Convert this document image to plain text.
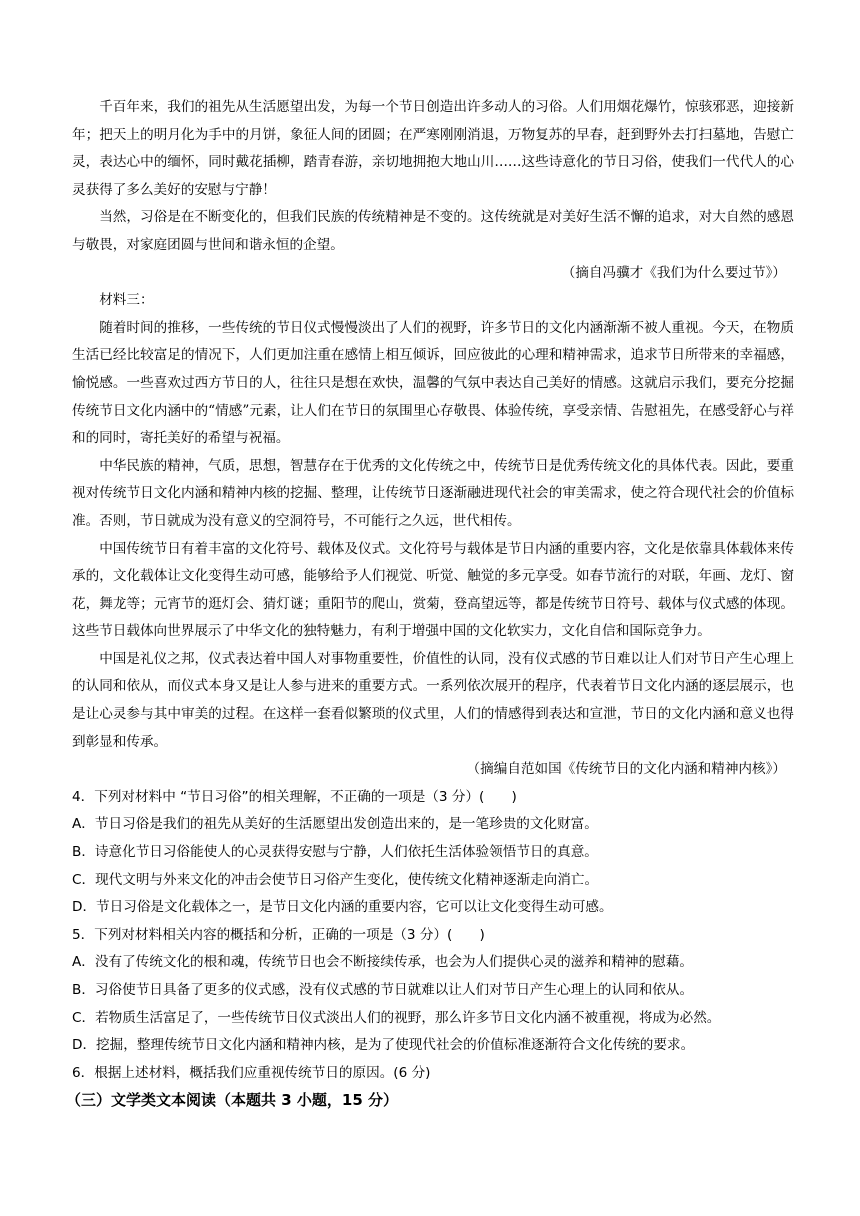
千百年来，我们的祖先从生活愿望出发，为每一个节日创造出许多动人的习俗。人们用烟花爆竹，惊骇邪恶，迎接新年；把天上的明月化为手中的月饼，象征人间的团圆；在严寒刚刚消退，万物复苏的早春，赶到野外去打扫墓地，告慰亡灵，表达心中的缅怀，同时戴花插柳，踏青春游，亲切地拥抱大地山川……这些诗意化的节日习俗，使我们一代代人的心灵获得了多么美好的安慰与宁静！

当然，习俗是在不断变化的，但我们民族的传统精神是不变的。这传统就是对美好生活不懈的追求，对大自然的感恩与敬畏，对家庭团圆与世间和谐永恒的企望。

（摘自冯骥才《我们为什么要过节》）

材料三：

随着时间的推移，一些传统的节日仪式慢慢淡出了人们的视野，许多节日的文化内涵渐渐不被人重视。今天，在物质生活已经比较富足的情况下，人们更加注重在感情上相互倾诉，回应彼此的心理和精神需求，追求节日所带来的幸福感，愉悦感。一些喜欢过西方节日的人，往往只是想在欢快，温馨的气氛中表达自己美好的情感。这就启示我们，要充分挖掘传统节日文化内涵中的“情感”元素，让人们在节日的氛围里心存敬畏、体验传统，享受亲情、告慰祖先，在感受舒心与祥和的同时，寄托美好的希望与祝福。

中华民族的精神，气质，思想，智慧存在于优秀的文化传统之中，传统节日是优秀传统文化的具体代表。因此，要重视对传统节日文化内涵和精神内核的挖掘、整理，让传统节日逐渐融进现代社会的审美需求，使之符合现代社会的价值标准。否则，节日就成为没有意义的空洞符号，不可能行之久远，世代相传。

中国传统节日有着丰富的文化符号、载体及仪式。文化符号与载体是节日内涵的重要内容，文化是依靠具体载体来传承的，文化载体让文化变得生动可感，能够给予人们视觉、听觉、触觉的多元享受。如春节流行的对联，年画、龙灯、窗花，舞龙等；元宵节的逛灯会、猜灯谜；重阳节的爬山，赏菊，登高望远等，都是传统节日符号、载体与仪式感的体现。这些节日载体向世界展示了中华文化的独特魅力，有利于增强中国的文化软实力，文化自信和国际竞争力。

中国是礼仪之邦，仪式表达着中国人对事物重要性，价值性的认同，没有仪式感的节日难以让人们对节日产生心理上的认同和依从，而仪式本身又是让人参与进来的重要方式。一系列依次展开的程序，代表着节日文化内涵的逐层展示，也是让心灵参与其中审美的过程。在这样一套看似繁琐的仪式里，人们的情感得到表达和宣泄，节日的文化内涵和意义也得到彰显和传承。

（摘编自范如国《传统节日的文化内涵和精神内核》）

4．下列对材料中 “节日习俗”的相关理解，不正确的一项是（3 分）(　　)

A．节日习俗是我们的祖先从美好的生活愿望出发创造出来的，是一笔珍贵的文化财富。

B．诗意化节日习俗能使人的心灵获得安慰与宁静，人们依托生活体验领悟节日的真意。

C．现代文明与外来文化的冲击会使节日习俗产生变化，使传统文化精神逐渐走向消亡。

D．节日习俗是文化载体之一，是节日文化内涵的重要内容，它可以让文化变得生动可感。

5．下列对材料相关内容的概括和分析，正确的一项是（3 分）(　　)

A．没有了传统文化的根和魂，传统节日也会不断接续传承，也会为人们提供心灵的滋养和精神的慰藉。

B．习俗使节日具备了更多的仪式感，没有仪式感的节日就难以让人们对节日产生心理上的认同和依从。

C．若物质生活富足了，一些传统节日仪式淡出人们的视野，那么许多节日文化内涵不被重视，将成为必然。

D．挖掘，整理传统节日文化内涵和精神内核，是为了使现代社会的价值标准逐渐符合文化传统的要求。

6．根据上述材料，概括我们应重视传统节日的原因。(6 分)

（三）文学类文本阅读（本题共 3 小题，15 分）
